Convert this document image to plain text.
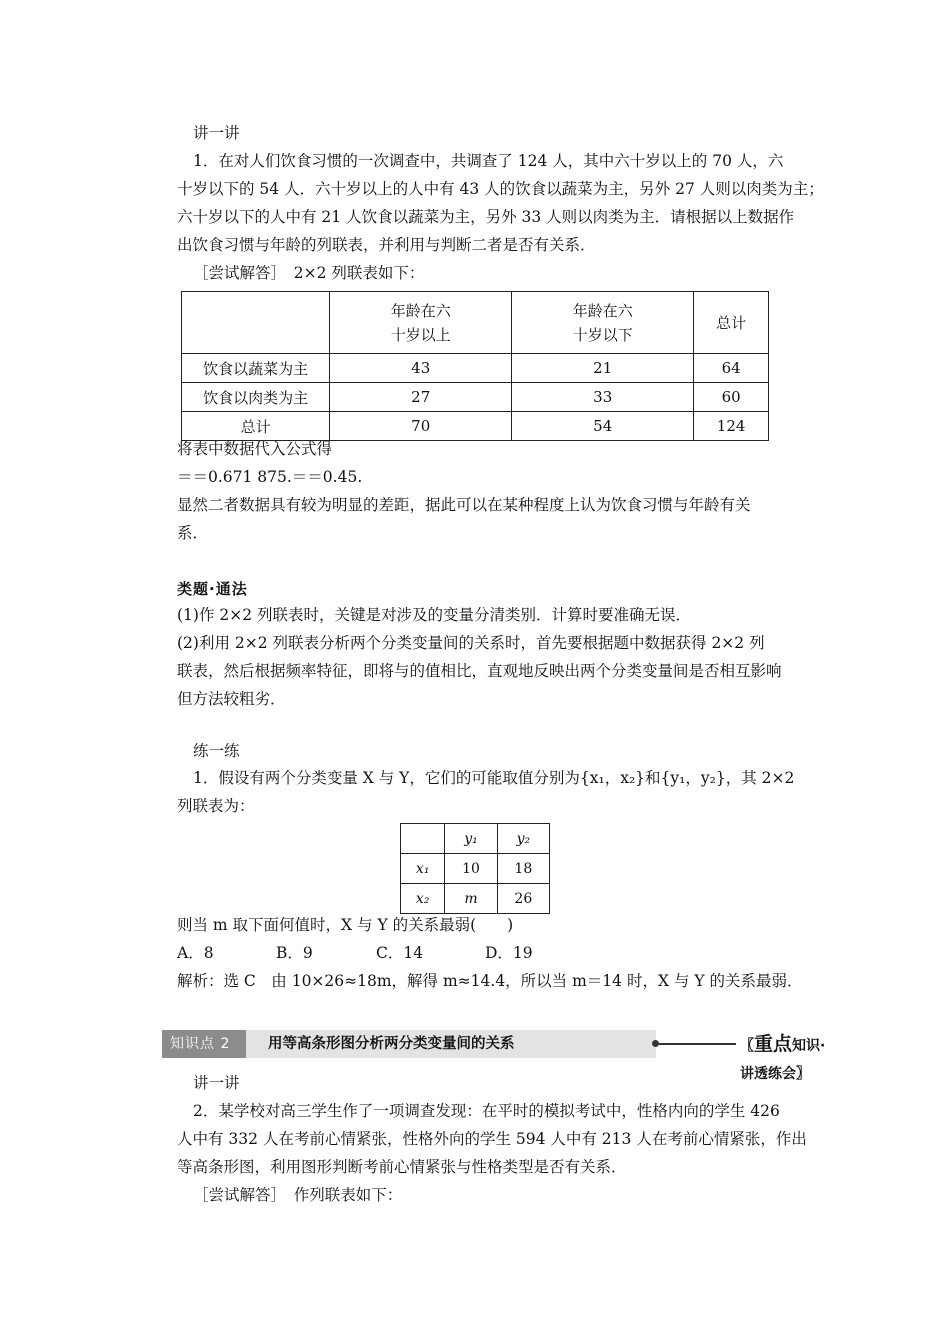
讲一讲
1．在对人们饮食习惯的一次调查中，共调查了 124 人，其中六十岁以上的 70 人，六
十岁以下的 54 人．六十岁以上的人中有 43 人的饮食以蔬菜为主，另外 27 人则以肉类为主；
六十岁以下的人中有 21 人饮食以蔬菜为主，另外 33 人则以肉类为主．请根据以上数据作
出饮食习惯与年龄的列联表，并利用与判断二者是否有关系．
［尝试解答］　2×2 列联表如下：
	年龄在六
十岁以上	年龄在六
十岁以下	总计
饮食以蔬菜为主	43	21	64
饮食以肉类为主	27	33	60
总计	70	54	124
将表中数据代入公式得
＝＝0.671 875.＝＝0.45.
显然二者数据具有较为明显的差距，据此可以在某种程度上认为饮食习惯与年龄有关
系．
类题·通法
(1)作 2×2 列联表时，关键是对涉及的变量分清类别．计算时要准确无误．
(2)利用 2×2 列联表分析两个分类变量间的关系时，首先要根据题中数据获得 2×2 列
联表，然后根据频率特征，即将与的值相比，直观地反映出两个分类变量间是否相互影响
但方法较粗劣．
练一练
1．假设有两个分类变量 X 与 Y，它们的可能取值分别为{x₁，x₂}和{y₁，y₂}，其 2×2
列联表为：
	y₁	y₂
x₁	10	18
x₂	m	26
则当 m 取下面何值时，X 与 Y 的关系最弱(　　)
A．8	B．9	C．14	D．19
解析：选 C　由 10×26≈18m，解得 m≈14.4，所以当 m＝14 时，X 与 Y 的关系最弱．
知识点 2	用等高条形图分析两分类变量间的关系	〖重点知识·讲透练会〗
讲一讲
2．某学校对高三学生作了一项调查发现：在平时的模拟考试中，性格内向的学生 426
人中有 332 人在考前心情紧张，性格外向的学生 594 人中有 213 人在考前心情紧张，作出
等高条形图，利用图形判断考前心情紧张与性格类型是否有关系．
［尝试解答］　作列联表如下：
